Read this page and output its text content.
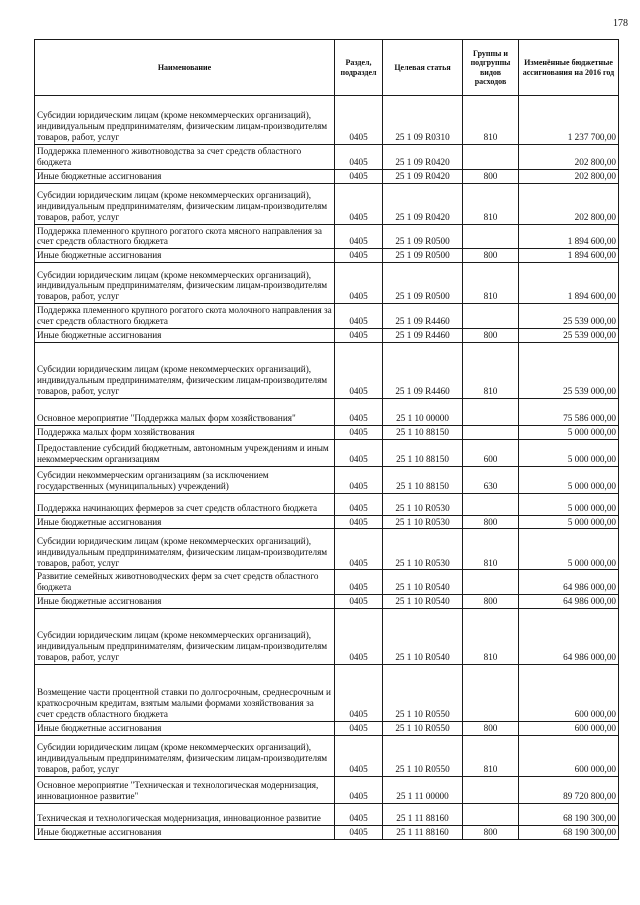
178
Наименование	Раздел, подраздел	Целевая статья	Группы и подгруппы видов расходов	Изменённые бюджетные ассигнования на 2016 год
Субсидии юридическим лицам (кроме некоммерческих организаций), индивидуальным предпринимателям, физическим лицам-производителям товаров, работ, услуг	0405	25 1 09 R0310	810	1 237 700,00
Поддержка племенного животноводства за счет средств областного бюджета	0405	25 1 09 R0420		202 800,00
Иные бюджетные ассигнования	0405	25 1 09 R0420	800	202 800,00
Субсидии юридическим лицам (кроме некоммерческих организаций), индивидуальным предпринимателям, физическим лицам-производителям товаров, работ, услуг	0405	25 1 09 R0420	810	202 800,00
Поддержка племенного крупного рогатого скота мясного направления за счет средств областного бюджета	0405	25 1 09 R0500		1 894 600,00
Иные бюджетные ассигнования	0405	25 1 09 R0500	800	1 894 600,00
Субсидии юридическим лицам (кроме некоммерческих организаций), индивидуальным предпринимателям, физическим лицам-производителям товаров, работ, услуг	0405	25 1 09 R0500	810	1 894 600,00
Поддержка племенного крупного рогатого скота молочного направления за счет средств областного бюджета	0405	25 1 09 R4460		25 539 000,00
Иные бюджетные ассигнования	0405	25 1 09 R4460	800	25 539 000,00
Субсидии юридическим лицам (кроме некоммерческих организаций), индивидуальным предпринимателям, физическим лицам-производителям товаров, работ, услуг	0405	25 1 09 R4460	810	25 539 000,00
Основное мероприятие "Поддержка малых форм хозяйствования"	0405	25 1 10 00000		75 586 000,00
Поддержка малых форм хозяйствования	0405	25 1 10 88150		5 000 000,00
Предоставление субсидий бюджетным, автономным учреждениям и иным некоммерческим организациям	0405	25 1 10 88150	600	5 000 000,00
Субсидии некоммерческим организациям (за исключением государственных (муниципальных) учреждений)	0405	25 1 10 88150	630	5 000 000,00
Поддержка начинающих фермеров за счет средств областного бюджета	0405	25 1 10 R0530		5 000 000,00
Иные бюджетные ассигнования	0405	25 1 10 R0530	800	5 000 000,00
Субсидии юридическим лицам (кроме некоммерческих организаций), индивидуальным предпринимателям, физическим лицам-производителям товаров, работ, услуг	0405	25 1 10 R0530	810	5 000 000,00
Развитие семейных животноводческих ферм за счет средств областного бюджета	0405	25 1 10 R0540		64 986 000,00
Иные бюджетные ассигнования	0405	25 1 10 R0540	800	64 986 000,00
Субсидии юридическим лицам (кроме некоммерческих организаций), индивидуальным предпринимателям, физическим лицам-производителям товаров, работ, услуг	0405	25 1 10 R0540	810	64 986 000,00
Возмещение части процентной ставки по долгосрочным, среднесрочным и краткосрочным кредитам, взятым малыми формами хозяйствования за счет средств областного бюджета	0405	25 1 10 R0550		600 000,00
Иные бюджетные ассигнования	0405	25 1 10 R0550	800	600 000,00
Субсидии юридическим лицам (кроме некоммерческих организаций), индивидуальным предпринимателям, физическим лицам-производителям товаров, работ, услуг	0405	25 1 10 R0550	810	600 000,00
Основное мероприятие "Техническая и технологическая модернизация, инновационное развитие"	0405	25 1 11 00000		89 720 800,00
Техническая и технологическая модернизация, инновационное развитие	0405	25 1 11 88160		68 190 300,00
Иные бюджетные ассигнования	0405	25 1 11 88160	800	68 190 300,00
